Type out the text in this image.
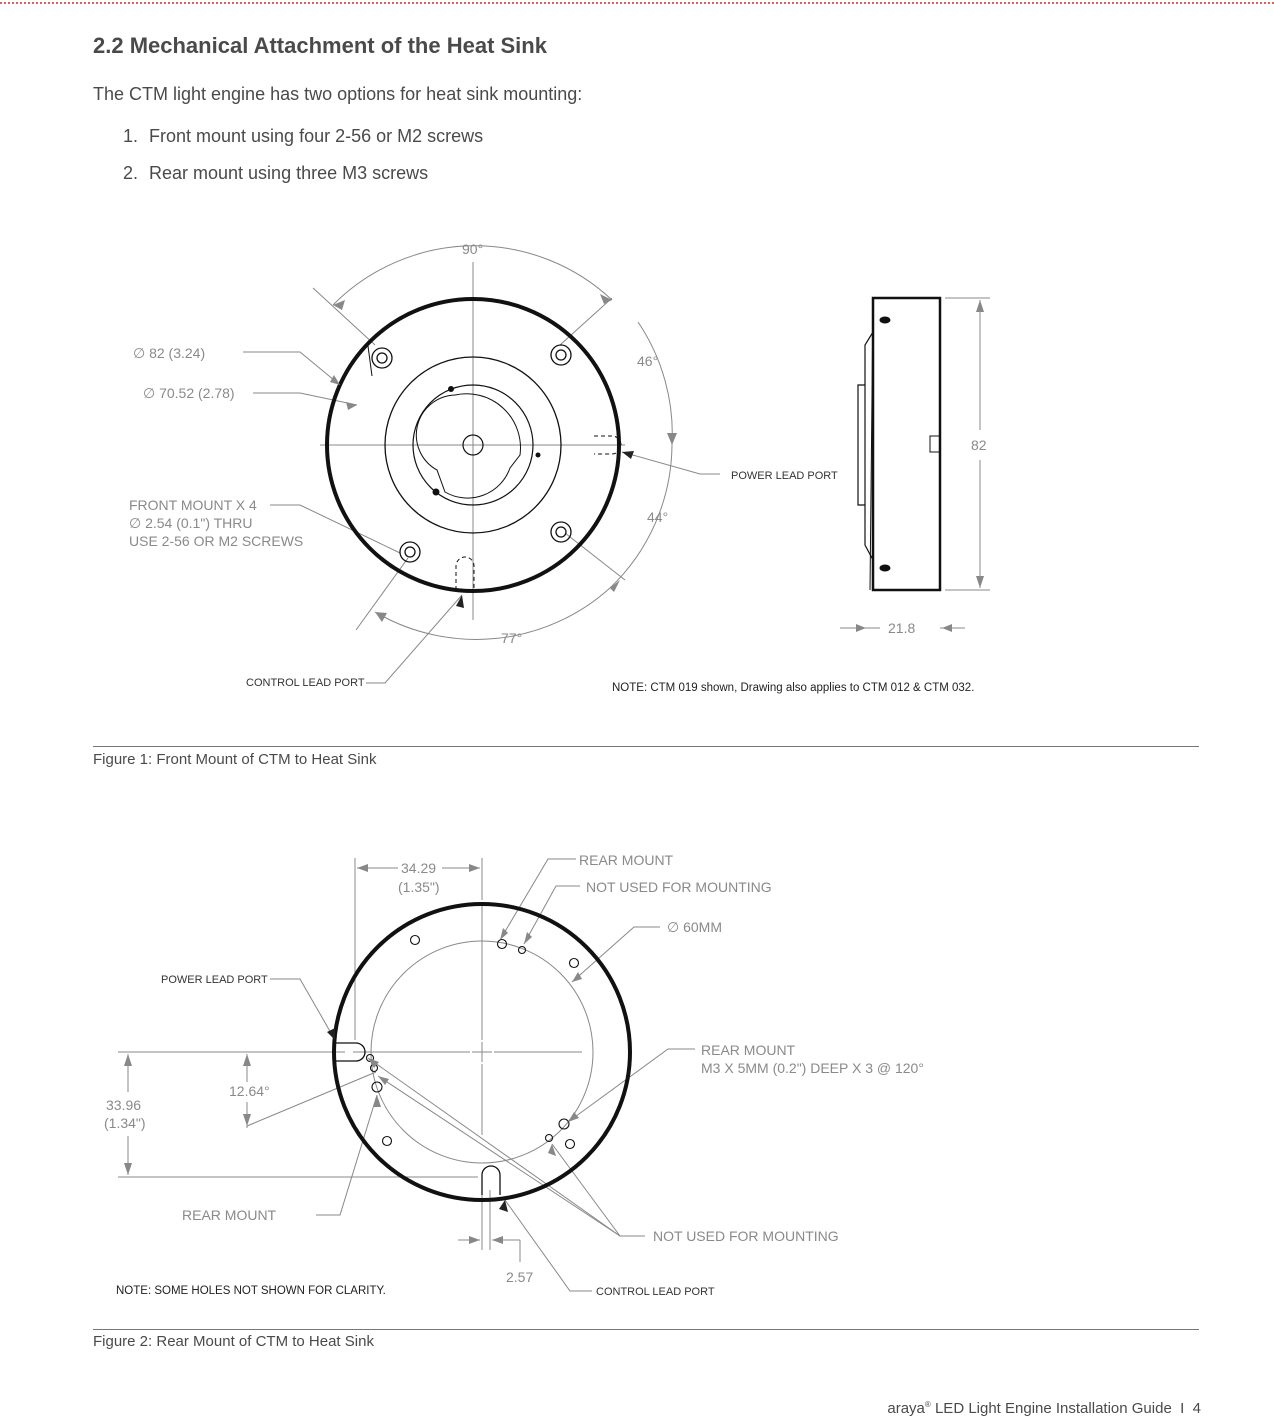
2.2 Mechanical Attachment of the Heat Sink

The CTM light engine has two options for heat sink mounting:

1. Front mount using four 2-56 or M2 screws
2. Rear mount using three M3 screws
90°
46°
44°
77°
∅ 82 (3.24)
∅ 70.52 (2.78)
FRONT MOUNT X 4
∅ 2.54 (0.1") THRU
USE 2-56 OR M2 SCREWS
POWER LEAD PORT
CONTROL LEAD PORT
82
21.8
NOTE: CTM 019 shown, Drawing also applies to CTM 012 & CTM 032.

Figure 1: Front Mount of CTM to Heat Sink

34.29
(1.35")
REAR MOUNT
NOT USED FOR MOUNTING
∅ 60MM
POWER LEAD PORT
REAR MOUNT
M3 X 5MM (0.2") DEEP X 3 @ 120°
12.64°
33.96
(1.34")
REAR MOUNT
NOT USED FOR MOUNTING
2.57
CONTROL LEAD PORT
NOTE: SOME HOLES NOT SHOWN FOR CLARITY.

Figure 2: Rear Mount of CTM to Heat Sink

araya® LED Light Engine Installation Guide I 4
